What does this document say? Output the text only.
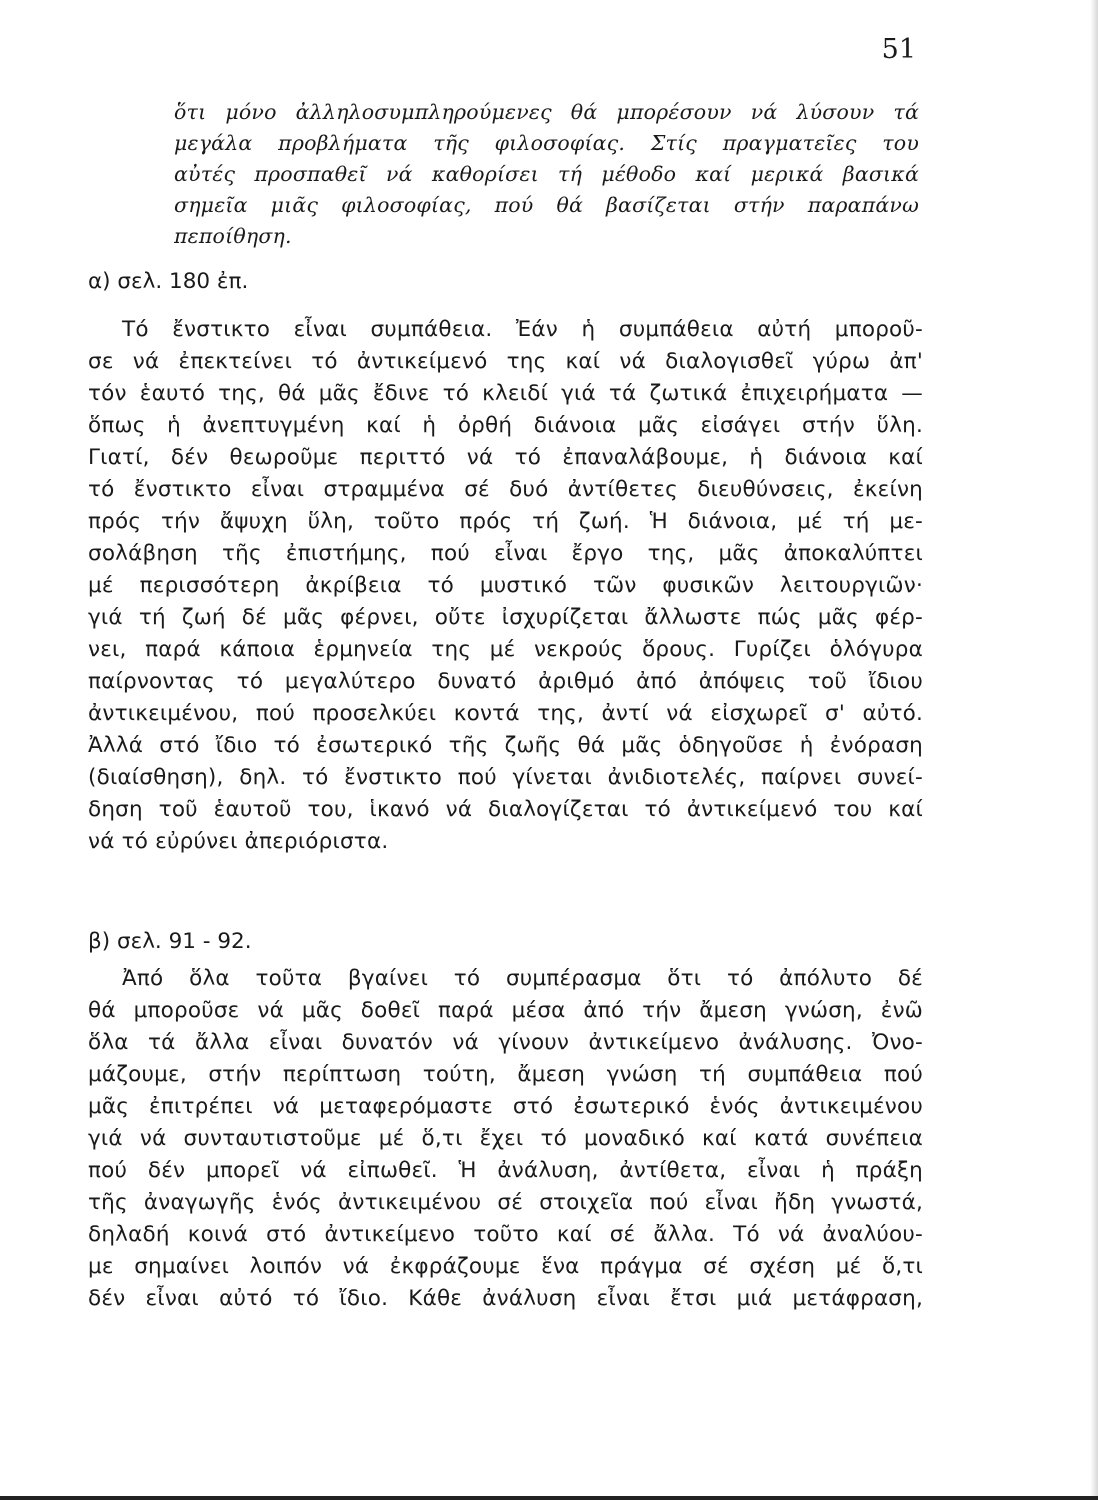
51
ὅτι μόνο ἀλληλοσυμπληρούμενες θά μπορέσουν νά λύσουν τά
μεγάλα προβλήματα τῆς φιλοσοφίας. Στίς πραγματεῖες του
αὐτές προσπαθεῖ νά καθορίσει τή μέθοδο καί μερικά βασικά
σημεῖα μιᾶς φιλοσοφίας, πού θά βασίζεται στήν παραπάνω
πεποίθηση.
α) σελ. 180 ἐπ.
Τό ἔνστικτο εἶναι συμπάθεια. Ἐάν ἡ συμπάθεια αὐτή μποροῦ-
σε νά ἐπεκτείνει τό ἀντικείμενό της καί νά διαλογισθεῖ γύρω ἀπ'
τόν ἑαυτό της, θά μᾶς ἔδινε τό κλειδί γιά τά ζωτικά ἐπιχειρήματα —
ὅπως ἡ ἀνεπτυγμένη καί ἡ ὀρθή διάνοια μᾶς εἰσάγει στήν ὕλη.
Γιατί, δέν θεωροῦμε περιττό νά τό ἐπαναλάβουμε, ἡ διάνοια καί
τό ἔνστικτο εἶναι στραμμένα σέ δυό ἀντίθετες διευθύνσεις, ἐκείνη
πρός τήν ἄψυχη ὕλη, τοῦτο πρός τή ζωή. Ἡ διάνοια, μέ τή με-
σολάβηση τῆς ἐπιστήμης, πού εἶναι ἔργο της, μᾶς ἀποκαλύπτει
μέ περισσότερη ἀκρίβεια τό μυστικό τῶν φυσικῶν λειτουργιῶν·
γιά τή ζωή δέ μᾶς φέρνει, οὔτε ἰσχυρίζεται ἄλλωστε πώς μᾶς φέρ-
νει, παρά κάποια ἑρμηνεία της μέ νεκρούς ὅρους. Γυρίζει ὁλόγυρα
παίρνοντας τό μεγαλύτερο δυνατό ἀριθμό ἀπό ἀπόψεις τοῦ ἴδιου
ἀντικειμένου, πού προσελκύει κοντά της, ἀντί νά εἰσχωρεῖ σ' αὐτό.
Ἀλλά στό ἴδιο τό ἐσωτερικό τῆς ζωῆς θά μᾶς ὁδηγοῦσε ἡ ἐνόραση
(διαίσθηση), δηλ. τό ἔνστικτο πού γίνεται ἀνιδιοτελές, παίρνει συνεί-
δηση τοῦ ἑαυτοῦ του, ἱκανό νά διαλογίζεται τό ἀντικείμενό του καί
νά τό εὐρύνει ἀπεριόριστα.
β) σελ. 91 - 92.
Ἀπό ὅλα τοῦτα βγαίνει τό συμπέρασμα ὅτι τό ἀπόλυτο δέ
θά μποροῦσε νά μᾶς δοθεῖ παρά μέσα ἀπό τήν ἄμεση γνώση, ἐνῶ
ὅλα τά ἄλλα εἶναι δυνατόν νά γίνουν ἀντικείμενο ἀνάλυσης. Ὀνο-
μάζουμε, στήν περίπτωση τούτη, ἄμεση γνώση τή συμπάθεια πού
μᾶς ἐπιτρέπει νά μεταφερόμαστε στό ἐσωτερικό ἑνός ἀντικειμένου
γιά νά συνταυτιστοῦμε μέ ὅ,τι ἔχει τό μοναδικό καί κατά συνέπεια
πού δέν μπορεῖ νά εἰπωθεῖ. Ἡ ἀνάλυση, ἀντίθετα, εἶναι ἡ πράξη
τῆς ἀναγωγῆς ἑνός ἀντικειμένου σέ στοιχεῖα πού εἶναι ἤδη γνωστά,
δηλαδή κοινά στό ἀντικείμενο τοῦτο καί σέ ἄλλα. Τό νά ἀναλύου-
με σημαίνει λοιπόν νά ἐκφράζουμε ἕνα πράγμα σέ σχέση μέ ὅ,τι
δέν εἶναι αὐτό τό ἴδιο. Κάθε ἀνάλυση εἶναι ἔτσι μιά μετάφραση,
